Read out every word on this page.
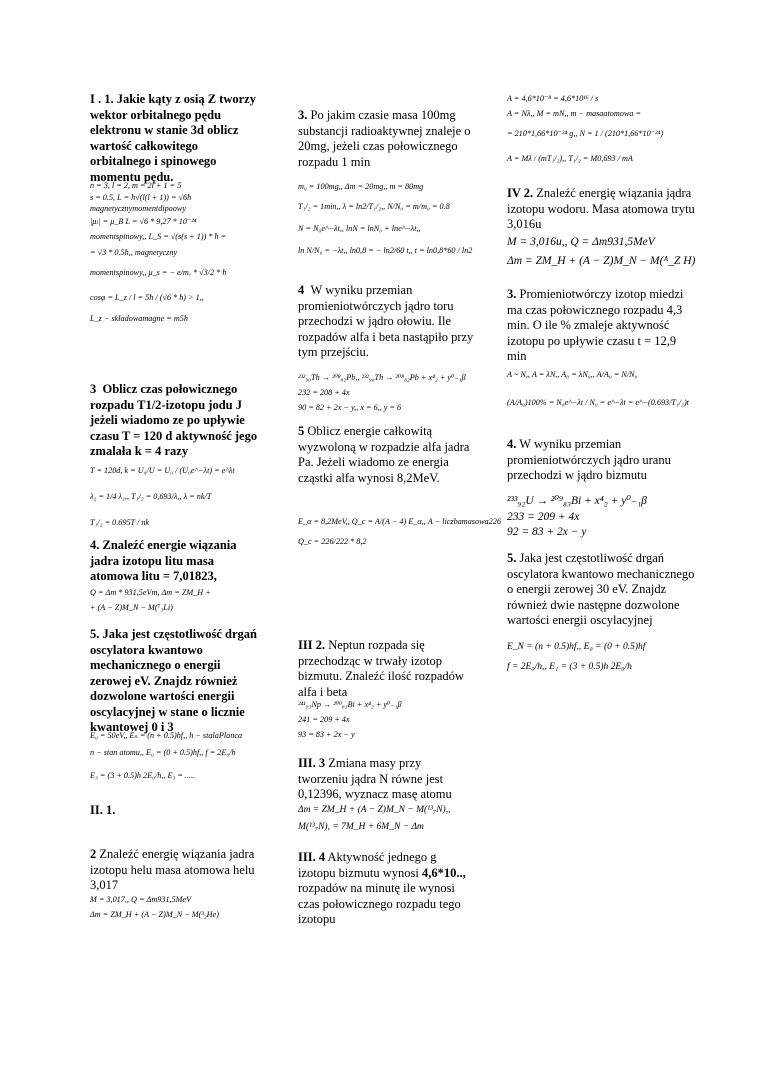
I . 1. Jakie kąty z osią Z tworzy wektor orbitalnego pędu elektronu w stanie 3d oblicz wartość całkowitego orbitalnego i spinowego momentu pędu.

n = 3, l = 2, m = 2l + 1 = 5

s = 0.5, L = ħ√(l(l + 1)) = √6ħ

magnetycznymomentdipoowy

|μₗ| = μ_B L = √6 * 9,27 * 10⁻²⁴

momentspinowy,, L_S = √(s(s + 1)) * ħ =

= √3 * 0.5ħ,, magnetyczny

momentspinowy,, μ_s = − e/mₑ * √3/2 * ħ

cosφ = L_z / l = 5ħ / (√6 * ħ) > 1,,

L_z − składowamagne = m5ħ

3 Oblicz czas połowicznego rozpadu T1/2-izotopu jodu J jeżeli wiadomo ze po upływie czasu T = 120 d aktywność jego zmalała k = 4 razy

T = 120d, k = U₀/U = U₀ / (U₀e^−λt) = e^λt

λ₂ = 1/4 λ₁,, T₁/₂ = 0,693/λ,, λ = nk/T

T₁/₂ = 0.695T / nk

4. Znaleźć energie wiązania jadra izotopu litu masa atomowa litu = 7,01823,

Q = Δm * 931,5eVm, Δm = ZM_H +

+ (A − Z)M_N − M(⁷₃Li)

5. Jaka jest częstotliwość drgań oscylatora kwantowo mechanicznego o energii zerowej eV. Znajdz również dozwolone wartości energii oscylacyjnej w stane o licznie kwantowej 0 i 3

E₀ = 50eV,, Eₙ = (n + 0.5)hf,, h − stalaPlanca

n − stan atomu,, E₀ = (0 + 0.5)hf,, f = 2E₀/h

E₃ = (3 + 0.5)h 2E₀/h,, E₃ = .....

II. 1.

2 Znaleźć energię wiązania jadra izotopu helu masa atomowa helu 3,017

M = 3,017,, Q = Δm931,5MeV

Δm = ZM_H + (A − Z)M_N − M(³₂He)

3. Po jakim czasie masa 100mg substancji radioaktywnej znaleje o 20mg, jeżeli czas połowicznego rozpadu 1 min

m₀ = 100mg,, Δm = 20mg,, m = 80mg

T₁/₂ = 1min,, λ = ln2/T₁/₂,, N/N₀ = m/m₀ = 0.8

N = N₀e^−λt,, lnN = lnN₀ + lne^−λt,,

ln N/N₀ = −λt,, ln0,8 = − ln2/60 t,, t = ln0,8*60 / ln2

4 W wyniku przemian promieniotwórczych jądro toru przechodzi w jądro ołowiu. Ile rozpadów alfa i beta nastąpiło przy tym przejściu.

²³²₉₀Th → ²⁰⁸₈₂Pb,, ²³²₉₀Th → ²⁰⁸₈₂Pb + x⁴₂ + y⁰₋₁β

232 = 208 + 4x

90 = 82 + 2x − y,, x = 6,, y = 6

5 Oblicz energie całkowitą wyzwoloną w rozpadzie alfa jadra Pa. Jeżeli wiadomo ze energia cząstki alfa wynosi 8,2MeV.

E_α = 8,2MeV,, Q_c = A/(A − 4) E_α,, A − liczbamasowa226

Q_c = 226/222 * 8,2

III 2. Neptun rozpada się przechodząc w trwały izotop bizmutu. Znaleźć ilość rozpadów alfa i beta

²⁴¹₉₃Np → ²⁰⁹₈₃Bi + x⁴₂ + y⁰₋₁β

241 = 209 + 4x

93 = 83 + 2x − y

III. 3 Zmiana masy przy tworzeniu jądra N równe jest 0,12396, wyznacz masę atomu

Δm = ZM_H + (A − Z)M_N − M(¹³₇N),,

M(¹³₇N), = 7M_H + 6M_N − Δm

III. 4 Aktywność jednego g izotopu bizmutu wynosi 4,6*10.., rozpadów na minutę ile wynosi czas połowicznego rozpadu tego izotopu

A = 4,6*10⁻⁸ = 4,6*10¹⁶ / s

A = Nλ,, M = mN,, m − masaatomowa =

= 210*1,66*10⁻²⁴ g,, N = 1 / (210*1,66*10⁻²⁴)

A = Mλ / (mT₁/₂),, T₁/₂ = M0,693 / mA

IV 2. Znaleźć energię wiązania jądra izotopu wodoru. Masa atomowa trytu 3,016u

M = 3,016u,, Q = Δm931,5MeV

Δm = ZM_H + (A − Z)M_N − M(ᴬ_Z H)

3. Promieniotwórczy izotop miedzi ma czas połowicznego rozpadu 4,3 min. O ile % zmaleje aktywność izotopu po upływie czasu t = 12,9 min

A ~ N,, A = λN,, A₀ = λN₀,, A/A₀ = N/N₀

(A/A₀)100% = N₀e^−λt / N₀ = e^−λt = e^−(0.693/T₁/₂)t

4. W wyniku przemian promieniotwórczych jądro uranu przechodzi w jądro bizmutu

²³³₉₂U → ²⁰⁹₈₃Bi + x⁴₂ + y⁰₋₁β

233 = 209 + 4x

92 = 83 + 2x − y

5. Jaka jest częstotliwość drgań oscylatora kwantowo mechanicznego o energii zerowej 30 eV. Znajdz również dwie następne dozwolone wartości energii oscylacyjnej

E_N = (n + 0.5)hf,, E₀ = (0 + 0.5)hf

f = 2E₀/h,, E₁ = (3 + 0.5)h 2E₀/h
